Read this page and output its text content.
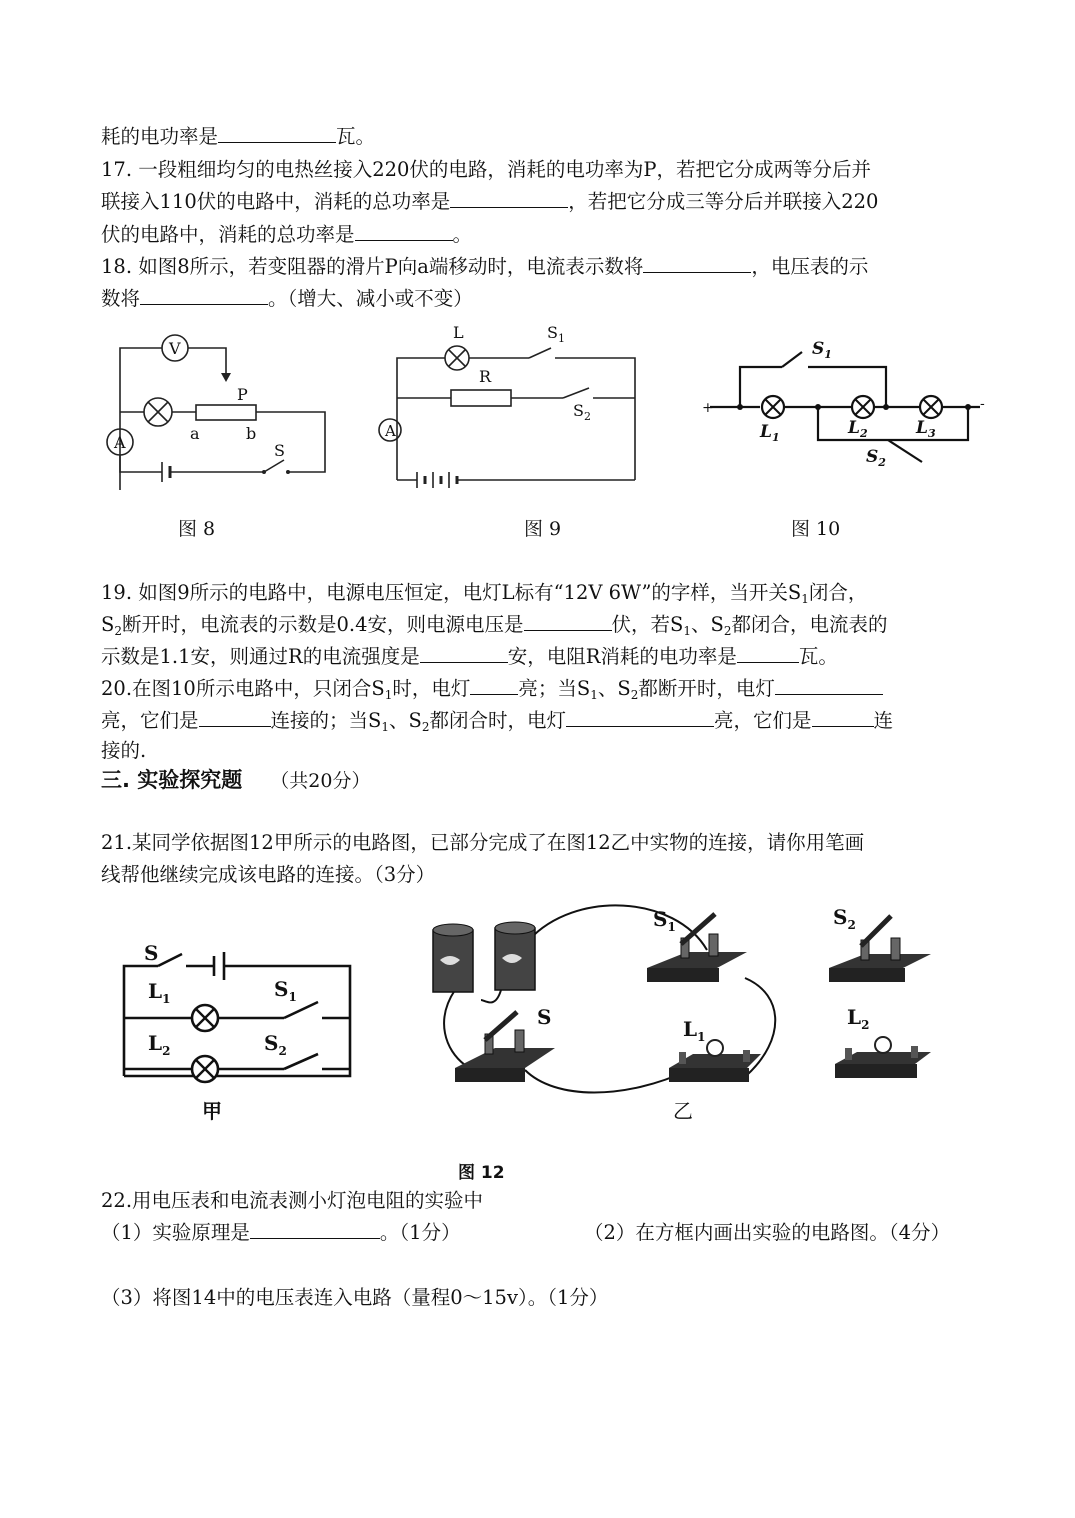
耗的电功率是	瓦。
17. 一段粗细均匀的电热丝接入220伏的电路，消耗的电功率为P，若把它分成两等分后并
联接入110伏的电路中，消耗的总功率是	，若把它分成三等分后并联接入220
伏的电路中，消耗的总功率是	。
18. 如图8所示，若变阻器的滑片P向a端移动时，电流表示数将	，电压表的示
数将	。（增大、减小或不变）
V
P
a	b
A	S
图 8
L	$S_1$
R
$S_2$
A
图 9
+	-
$S_1$
$L_1$	$L_2$	$L_3$
$S_2$
图 10
19. 如图9所示的电路中，电源电压恒定，电灯L标有“12V 6W”的字样，当开关$S_1$闭合，
$S_2$断开时，电流表的示数是0.4安，则电源电压是	伏，若$S_1$、$S_2$都闭合，电流表的
示数是1.1安，则通过R的电流强度是	安，电阻R消耗的电功率是	瓦。
20.在图10所示电路中，只闭合$S_1$时，电灯 亮；当$S_1$、$S_2$都断开时，电灯
亮，它们是	连接的；当$S_1$、$S_2$都闭合时，电灯	亮，它们是	连
接的.
三. 实验探究题 （共20分）
21.某同学依据图12甲所示的电路图，已部分完成了在图12乙中实物的连接，请你用笔画
线帮他继续完成该电路的连接。（3分）
S
$L_1$	$S_1$
$L_2$	$S_2$
甲
S
$S_1$
$L_1$
$S_2$
$L_2$
乙
图 12
22.用电压表和电流表测小灯泡电阻的实验中
（1）实验原理是	。（1分）	（2）在方框内画出实验的电路图。（4分）
（3）将图14中的电压表连入电路（量程0～15v）。（1分）
